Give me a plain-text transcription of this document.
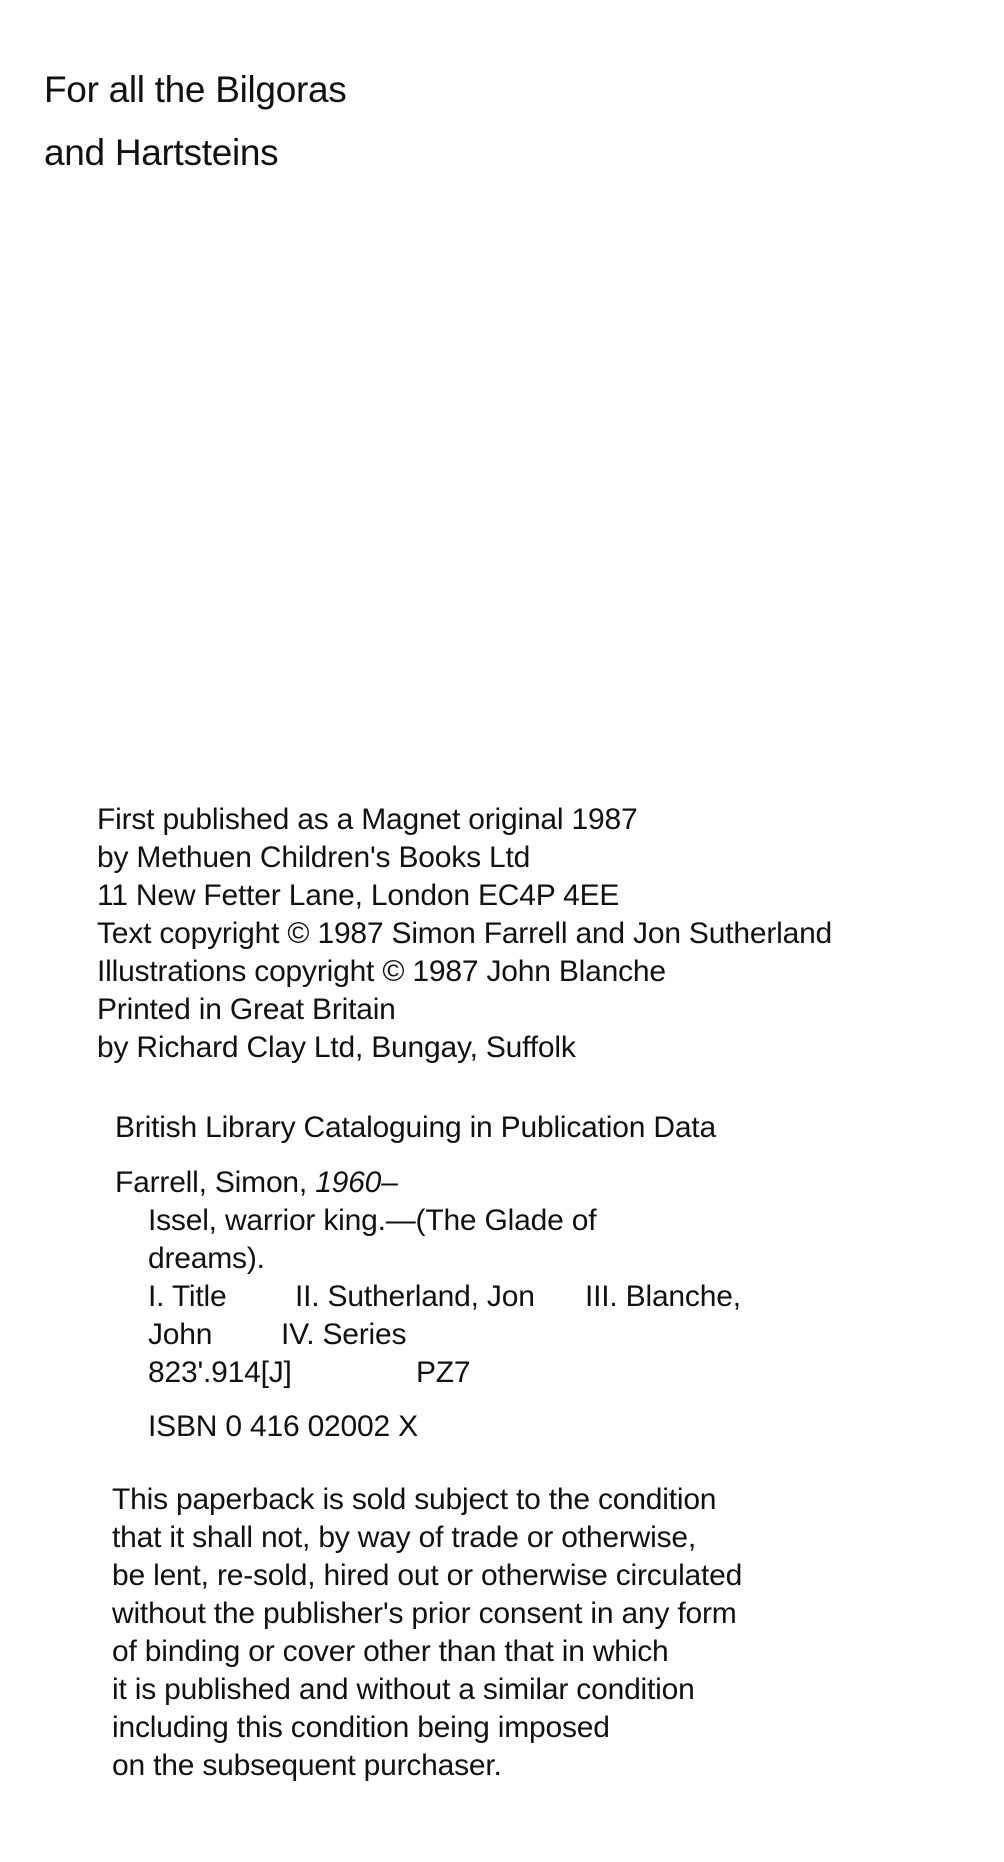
For all the Bilgoras
and Hartsteins
First published as a Magnet original 1987
by Methuen Children's Books Ltd
11 New Fetter Lane, London EC4P 4EE
Text copyright © 1987 Simon Farrell and Jon Sutherland
Illustrations copyright © 1987 John Blanche
Printed in Great Britain
by Richard Clay Ltd, Bungay, Suffolk
British Library Cataloguing in Publication Data
Farrell, Simon, 1960–
Issel, warrior king.—(The Glade of
dreams).
I. Title	II. Sutherland, Jon	III. Blanche,
John	IV. Series
823'.914[J]	PZ7
ISBN 0 416 02002 X
This paperback is sold subject to the condition
that it shall not, by way of trade or otherwise,
be lent, re-sold, hired out or otherwise circulated
without the publisher's prior consent in any form
of binding or cover other than that in which
it is published and without a similar condition
including this condition being imposed
on the subsequent purchaser.
